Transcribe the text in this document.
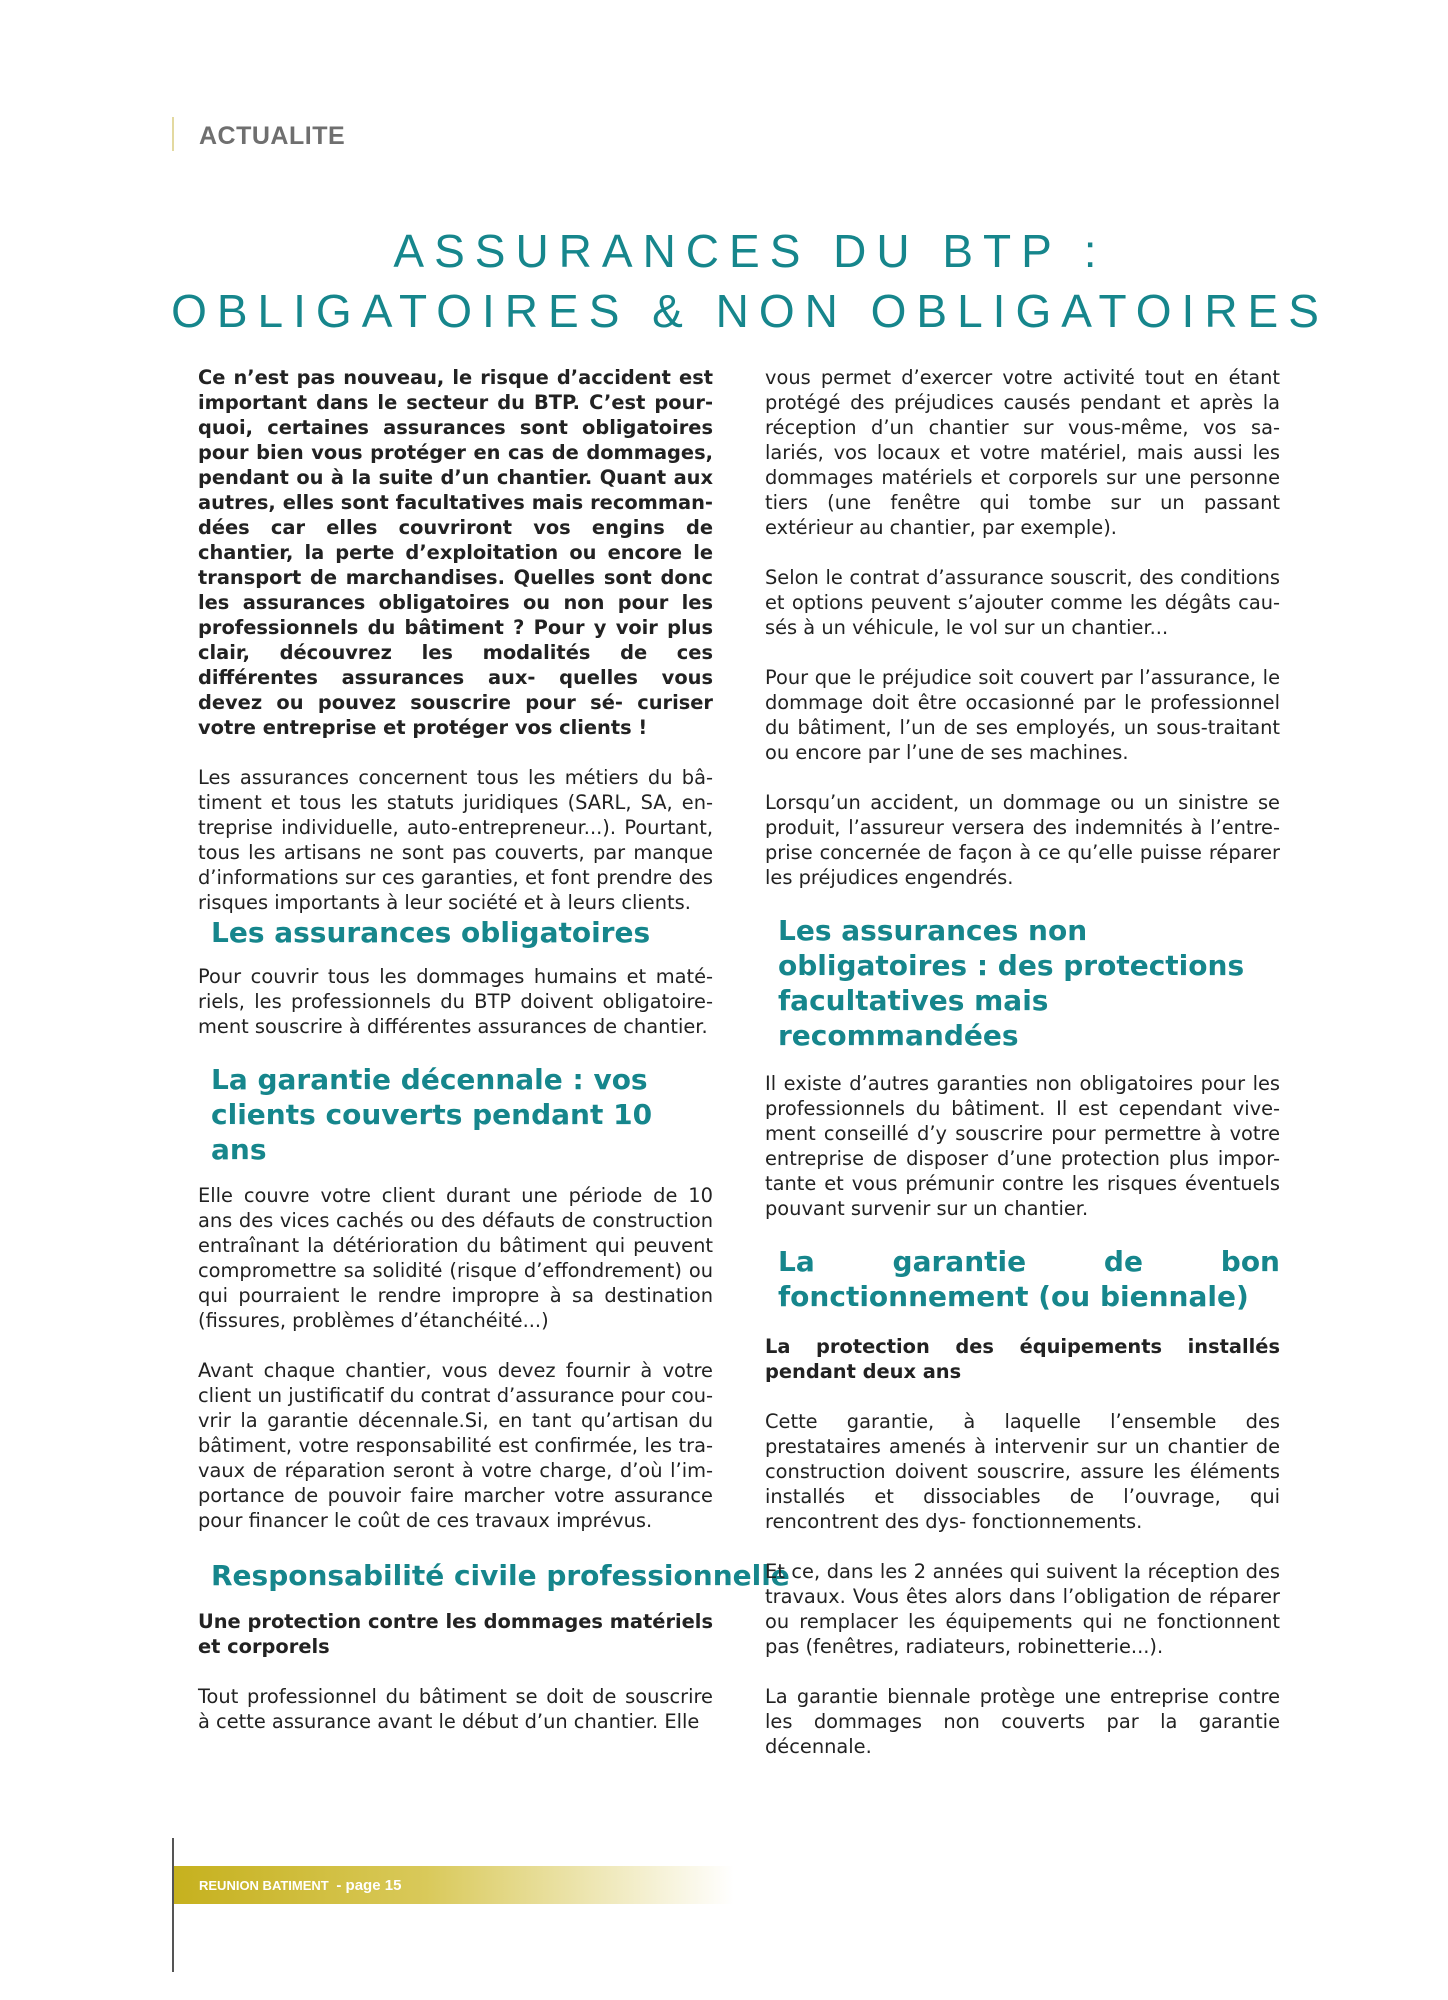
ACTUALITE
ASSURANCES DU BTP :
OBLIGATOIRES & NON OBLIGATOIRES

Ce n’est pas nouveau, le risque d’accident est important dans le secteur du BTP. C’est pour- quoi, certaines assurances sont obligatoires pour bien vous protéger en cas de dommages, pendant ou à la suite d’un chantier. Quant aux autres, elles sont facultatives mais recomman- dées car elles couvriront vos engins de chantier, la perte d’exploitation ou encore le transport de marchandises. Quelles sont donc les assurances obligatoires ou non pour les professionnels du bâtiment ? Pour y voir plus clair, découvrez les modalités de ces différentes assurances aux- quelles vous devez ou pouvez souscrire pour sé- curiser votre entreprise et protéger vos clients !

Les assurances concernent tous les métiers du bâ- timent et tous les statuts juridiques (SARL, SA, en- treprise individuelle, auto-entrepreneur...). Pourtant, tous les artisans ne sont pas couverts, par manque d’informations sur ces garanties, et font prendre des risques importants à leur société et à leurs clients.

Les assurances obligatoires

Pour couvrir tous les dommages humains et maté- riels, les professionnels du BTP doivent obligatoire- ment souscrire à différentes assurances de chantier.

La garantie décennale : vos clients couverts pendant 10 ans

Elle couvre votre client durant une période de 10 ans des vices cachés ou des défauts de construction entraînant la détérioration du bâtiment qui peuvent compromettre sa solidité (risque d’effondrement) ou qui pourraient le rendre impropre à sa destination (fissures, problèmes d’étanchéité...)

Avant chaque chantier, vous devez fournir à votre client un justificatif du contrat d’assurance pour cou- vrir la garantie décennale.Si, en tant qu’artisan du bâtiment, votre responsabilité est confirmée, les tra- vaux de réparation seront à votre charge, d’où l’im- portance de pouvoir faire marcher votre assurance pour financer le coût de ces travaux imprévus.

Responsabilité civile professionnelle

Une protection contre les dommages matériels et corporels

Tout professionnel du bâtiment se doit de souscrire à cette assurance avant le début d’un chantier. Elle

vous permet d’exercer votre activité tout en étant protégé des préjudices causés pendant et après la réception d’un chantier sur vous-même, vos sa- lariés, vos locaux et votre matériel, mais aussi les dommages matériels et corporels sur une personne tiers (une fenêtre qui tombe sur un passant extérieur au chantier, par exemple).

Selon le contrat d’assurance souscrit, des conditions et options peuvent s’ajouter comme les dégâts cau- sés à un véhicule, le vol sur un chantier...

Pour que le préjudice soit couvert par l’assurance, le dommage doit être occasionné par le professionnel du bâtiment, l’un de ses employés, un sous-traitant ou encore par l’une de ses machines.

Lorsqu’un accident, un dommage ou un sinistre se produit, l’assureur versera des indemnités à l’entre- prise concernée de façon à ce qu’elle puisse réparer les préjudices engendrés.

Les assurances non obligatoires : des protections facultatives mais recommandées

Il existe d’autres garanties non obligatoires pour les professionnels du bâtiment. Il est cependant vive- ment conseillé d’y souscrire pour permettre à votre entreprise de disposer d’une protection plus impor- tante et vous prémunir contre les risques éventuels pouvant survenir sur un chantier.

La garantie de bon fonctionnement (ou biennale)

La protection des équipements installés pendant deux ans

Cette garantie, à laquelle l’ensemble des prestataires amenés à intervenir sur un chantier de construction doivent souscrire, assure les éléments installés et dissociables de l’ouvrage, qui rencontrent des dys- fonctionnements.

Et ce, dans les 2 années qui suivent la réception des travaux. Vous êtes alors dans l’obligation de réparer ou remplacer les équipements qui ne fonctionnent pas (fenêtres, radiateurs, robinetterie...).

La garantie biennale protège une entreprise contre les dommages non couverts par la garantie décennale.

REUNION BATIMENT - page 15
